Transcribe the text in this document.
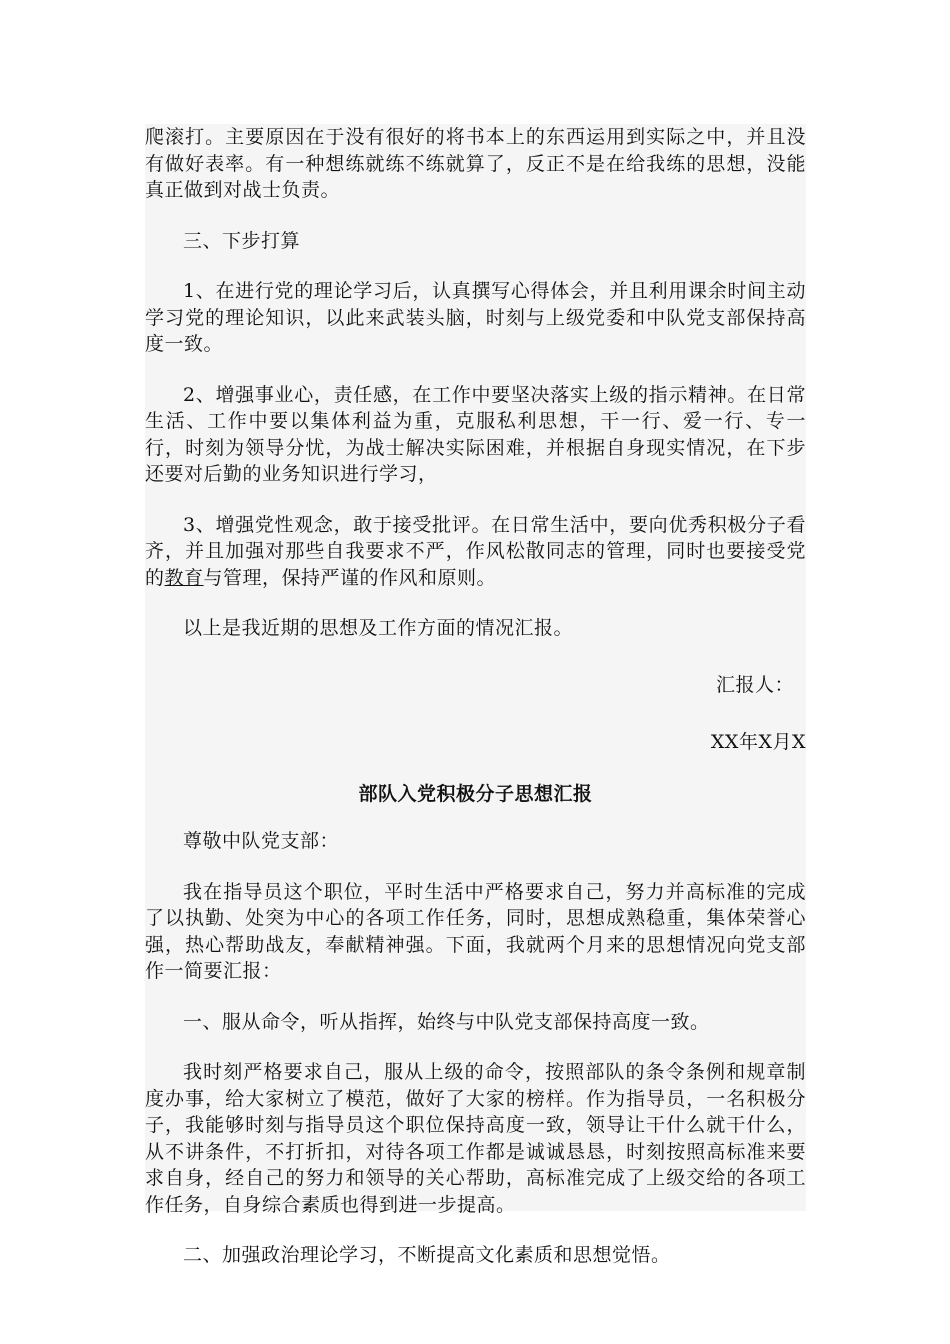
爬滚打。主要原因在于没有很好的将书本上的东西运用到实际之中，并且没有做好表率。有一种想练就练不练就算了，反正不是在给我练的思想，没能真正做到对战士负责。

三、下步打算

1、在进行党的理论学习后，认真撰写心得体会，并且利用课余时间主动学习党的理论知识，以此来武装头脑，时刻与上级党委和中队党支部保持高度一致。

2、增强事业心，责任感，在工作中要坚决落实上级的指示精神。在日常生活、工作中要以集体利益为重，克服私利思想，干一行、爱一行、专一行，时刻为领导分忧，为战士解决实际困难，并根据自身现实情况，在下步还要对后勤的业务知识进行学习，

3、增强党性观念，敢于接受批评。在日常生活中，要向优秀积极分子看齐，并且加强对那些自我要求不严，作风松散同志的管理，同时也要接受党的教育与管理，保持严谨的作风和原则。

以上是我近期的思想及工作方面的情况汇报。

汇报人：

XX年X月X

部队入党积极分子思想汇报

尊敬中队党支部：

我在指导员这个职位，平时生活中严格要求自己，努力并高标准的完成了以执勤、处突为中心的各项工作任务，同时，思想成熟稳重，集体荣誉心强，热心帮助战友，奉献精神强。下面，我就两个月来的思想情况向党支部作一简要汇报：

一、服从命令，听从指挥，始终与中队党支部保持高度一致。

我时刻严格要求自己，服从上级的命令，按照部队的条令条例和规章制度办事，给大家树立了模范，做好了大家的榜样。作为指导员，一名积极分子，我能够时刻与指导员这个职位保持高度一致，领导让干什么就干什么，从不讲条件，不打折扣，对待各项工作都是诚诚恳恳，时刻按照高标准来要求自身，经自己的努力和领导的关心帮助，高标准完成了上级交给的各项工作任务，自身综合素质也得到进一步提高。

二、加强政治理论学习，不断提高文化素质和思想觉悟。
